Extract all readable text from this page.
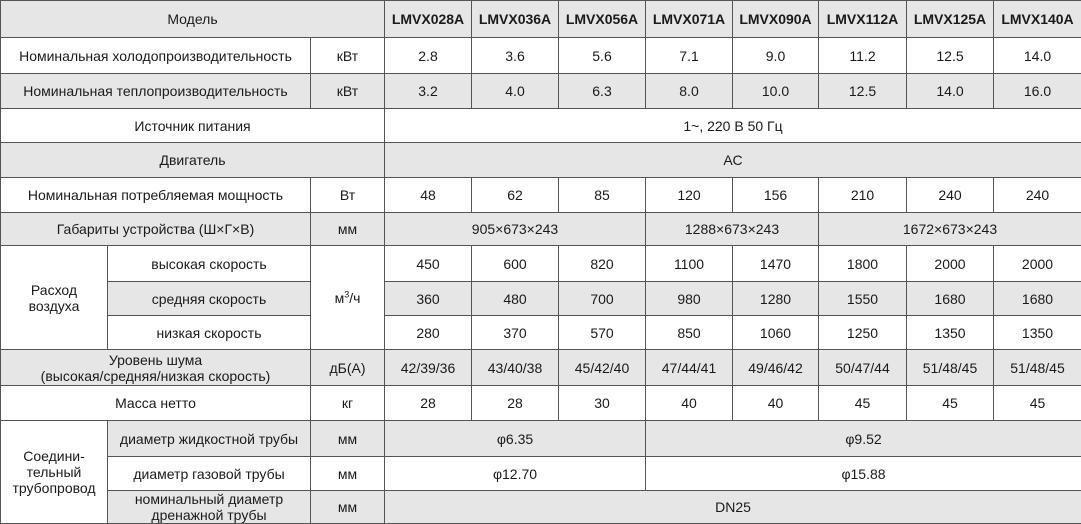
Модель			LMVX028A	LMVX036A	LMVX056A	LMVX071A	LMVX090A	LMVX112A	LMVX125A	LMVX140A
Номинальная холодопроизводительность		кВт	2.8	3.6	5.6	7.1	9.0	11.2	12.5	14.0
Номинальная теплопроизводительность		кВт	3.2	4.0	6.3	8.0	10.0	12.5	14.0	16.0
Источник питания			1~, 220 В 50 Гц							
Двигатель			АС							
Номинальная потребляемая мощность		Вт	48	62	85	120	156	210	240	240
Габариты устройства (Ш×Г×В)		мм	905×673×243			1288×673×243		1672×673×243		

Расход
воздуха	высокая скорость	$м^3/ч$	450	600	820	1100	1470	1800	2000	2000
	средняя скорость		360	480	700	980	1280	1550	1680	1680
	низкая скорость		280	370	570	850	1060	1250	1350	1350

Уровень шума
(высокая/средняя/низкая скорость)		дБ(А)	42/39/36	43/40/38	45/42/40	47/44/41	49/46/42	50/47/44	51/48/45	51/48/45
Масса нетто		кг	28	28	30	40	40	45	45	45

Соедини-
тельный
трубопровод	диаметр жидкостной трубы	мм	φ6.35			φ9.52				
	диаметр газовой трубы	мм	φ12.70			φ15.88				

	номинальный диаметр
дренажной трубы	мм	DN25							
